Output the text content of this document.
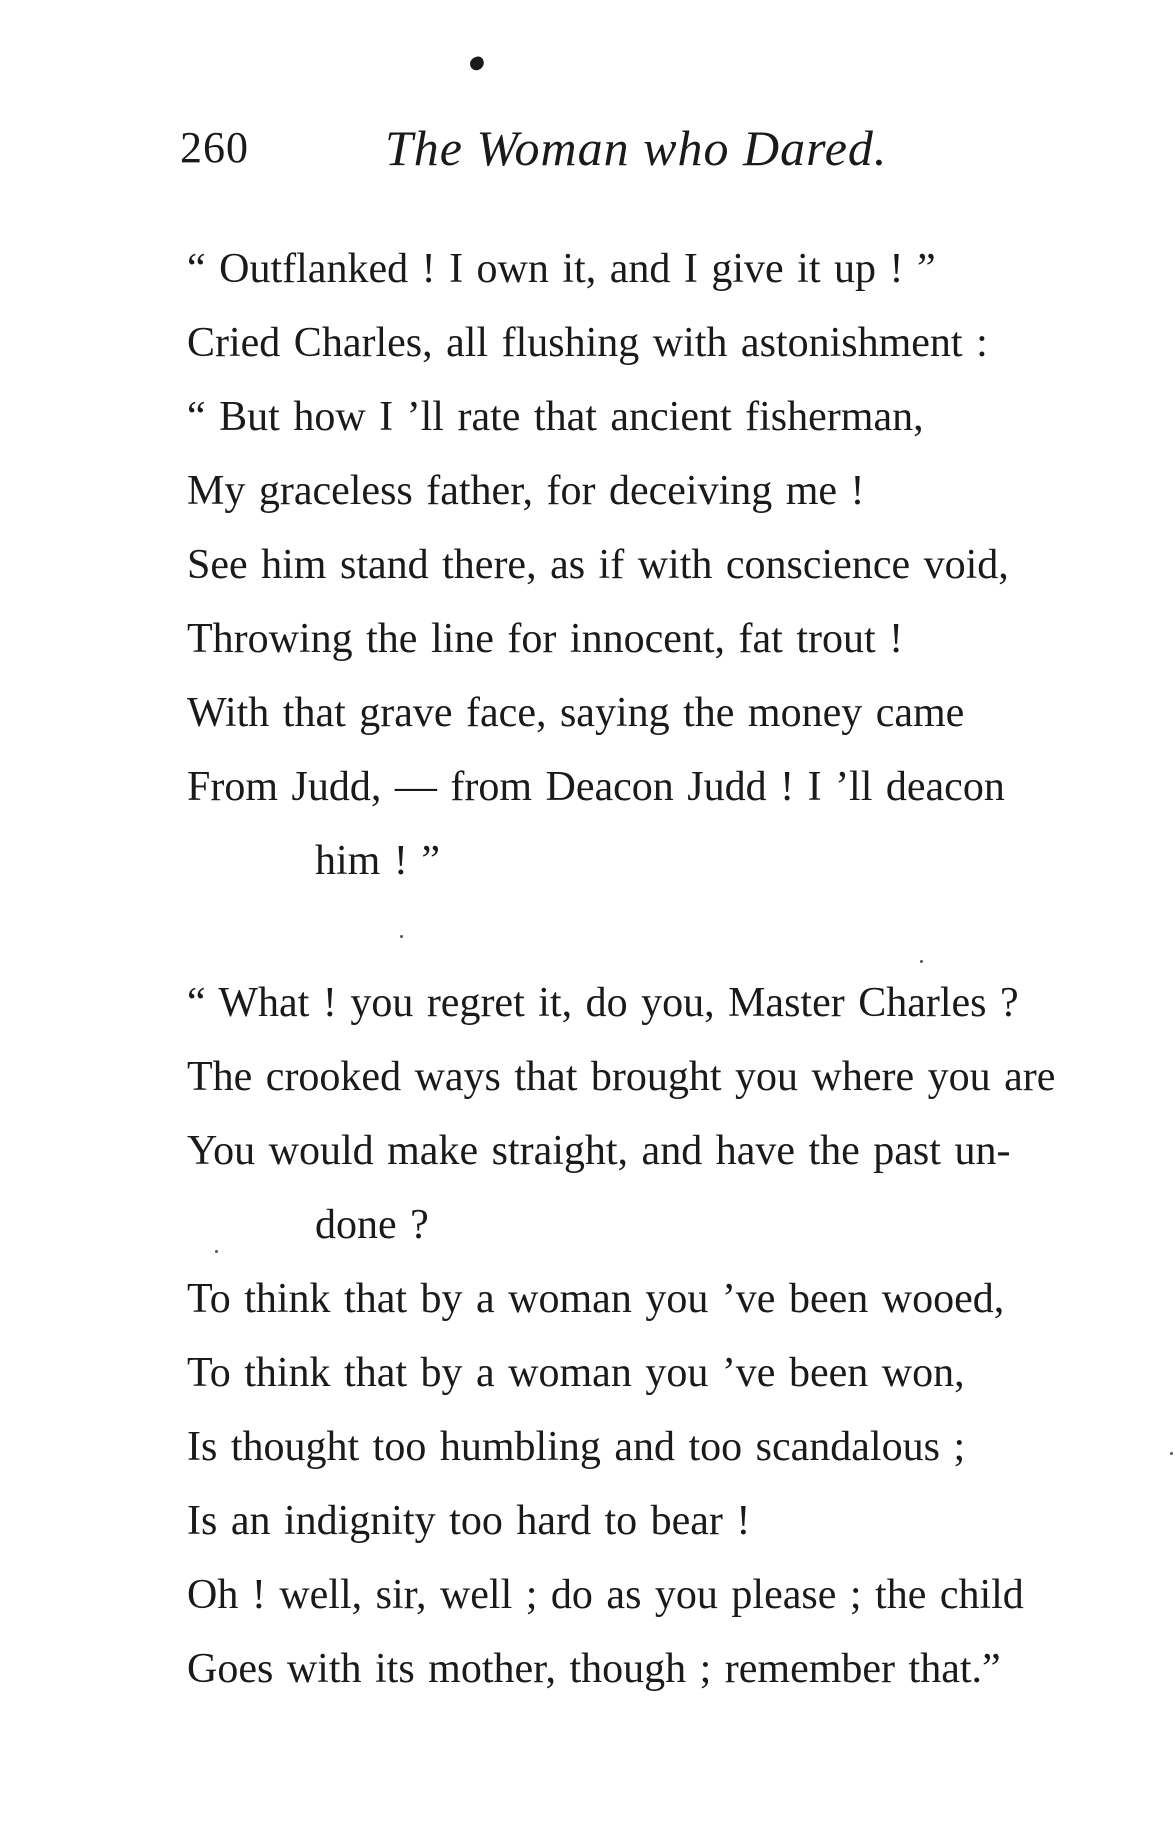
260	The Woman who Dared.
“ Outflanked ! I own it, and I give it up ! ”
Cried Charles, all flushing with astonishment :
“ But how I ’ll rate that ancient fisherman,
My graceless father, for deceiving me !
See him stand there, as if with conscience void,
Throwing the line for innocent, fat trout !
With that grave face, saying the money came
From Judd, — from Deacon Judd ! I ’ll deacon
him ! ”
“ What ! you regret it, do you, Master Charles ?
The crooked ways that brought you where you are
You would make straight, and have the past un-
done ?
To think that by a woman you ’ve been wooed,
To think that by a woman you ’ve been won,
Is thought too humbling and too scandalous ;
Is an indignity too hard to bear !
Oh ! well, sir, well ; do as you please ; the child
Goes with its mother, though ; remember that.”
